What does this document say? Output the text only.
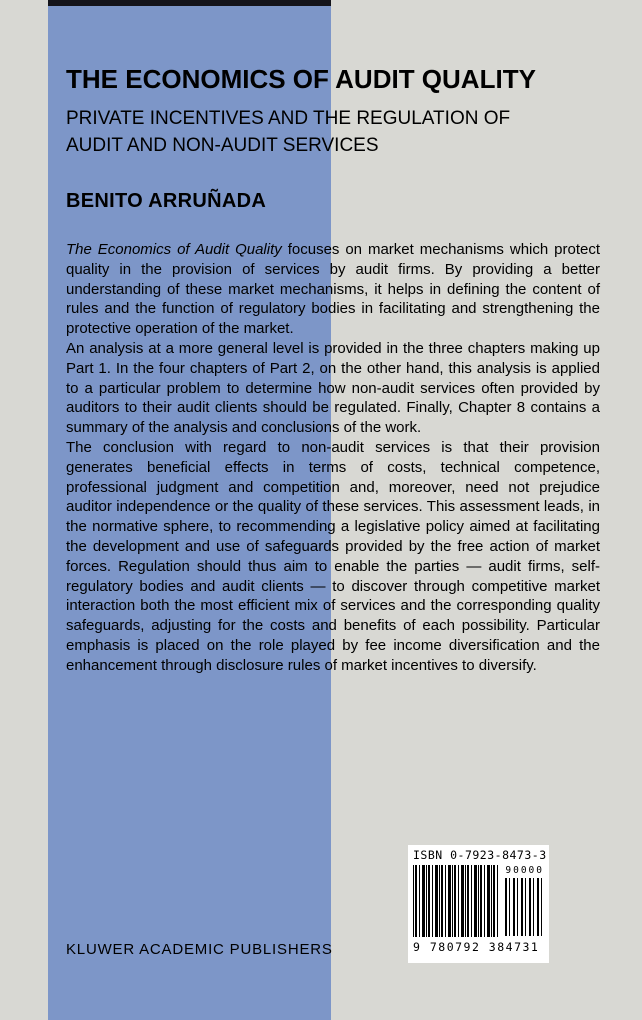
THE ECONOMICS OF AUDIT QUALITY
PRIVATE INCENTIVES AND THE REGULATION OF
AUDIT AND NON-AUDIT SERVICES
BENITO ARRUÑADA

The Economics of Audit Quality focuses on market mechanisms which protect quality in the provision of services by audit firms. By providing a better understanding of these market mechanisms, it helps in defining the content of rules and the function of regulatory bodies in facilitating and strengthening the protective operation of the market.

An analysis at a more general level is provided in the three chapters making up Part 1. In the four chapters of Part 2, on the other hand, this analysis is applied to a particular problem to determine how non-audit services often provided by auditors to their audit clients should be regulated. Finally, Chapter 8 contains a summary of the analysis and conclusions of the work.

The conclusion with regard to non-audit services is that their provision generates beneficial effects in terms of costs, technical competence, professional judgment and competition and, moreover, need not prejudice auditor independence or the quality of these services. This assessment leads, in the normative sphere, to recommending a legislative policy aimed at facilitating the development and use of safeguards provided by the free action of market forces. Regulation should thus aim to enable the parties — audit firms, self-regulatory bodies and audit clients — to discover through competitive market interaction both the most efficient mix of services and the corresponding quality safeguards, adjusting for the costs and benefits of each possibility. Particular emphasis is placed on the role played by fee income diversification and the enhancement through disclosure rules of market incentives to diversify.

KLUWER ACADEMIC PUBLISHERS
ISBN 0-7923-8473-3
90000
9 780792 384731
